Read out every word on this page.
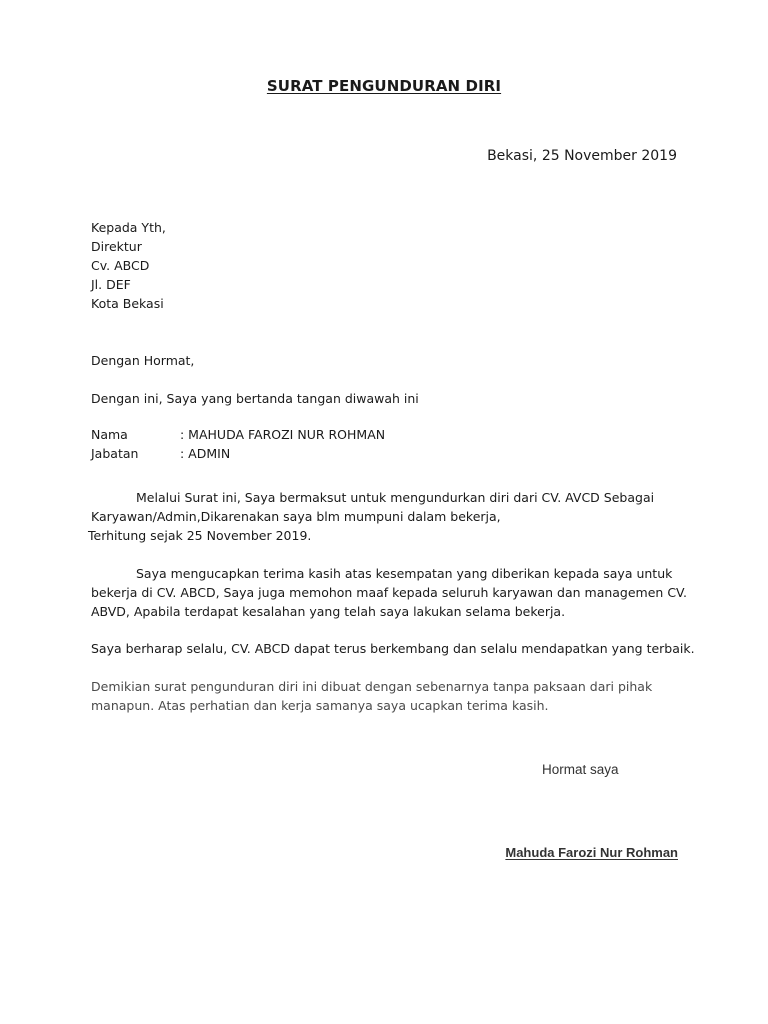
SURAT PENGUNDURAN DIRI
Bekasi, 25 November 2019
Kepada Yth,
Direktur
Cv. ABCD
Jl. DEF
Kota Bekasi
Dengan Hormat,
Dengan ini, Saya yang bertanda tangan diwawah ini
Nama	: MAHUDA FAROZI NUR ROHMAN
Jabatan	: ADMIN
Melalui Surat ini, Saya bermaksut untuk mengundurkan diri dari CV. AVCD Sebagai
Karyawan/Admin,Dikarenakan saya blm mumpuni dalam bekerja,
Terhitung sejak 25 November 2019.
Saya mengucapkan terima kasih atas kesempatan yang diberikan kepada saya untuk
bekerja di CV. ABCD, Saya juga memohon maaf kepada seluruh karyawan dan managemen CV.
ABVD, Apabila terdapat kesalahan yang telah saya lakukan selama bekerja.
Saya berharap selalu, CV. ABCD dapat terus berkembang dan selalu mendapatkan yang terbaik.
Demikian surat pengunduran diri ini dibuat dengan sebenarnya tanpa paksaan dari pihak
manapun. Atas perhatian dan kerja samanya saya ucapkan terima kasih.
Hormat saya
Mahuda Farozi Nur Rohman
